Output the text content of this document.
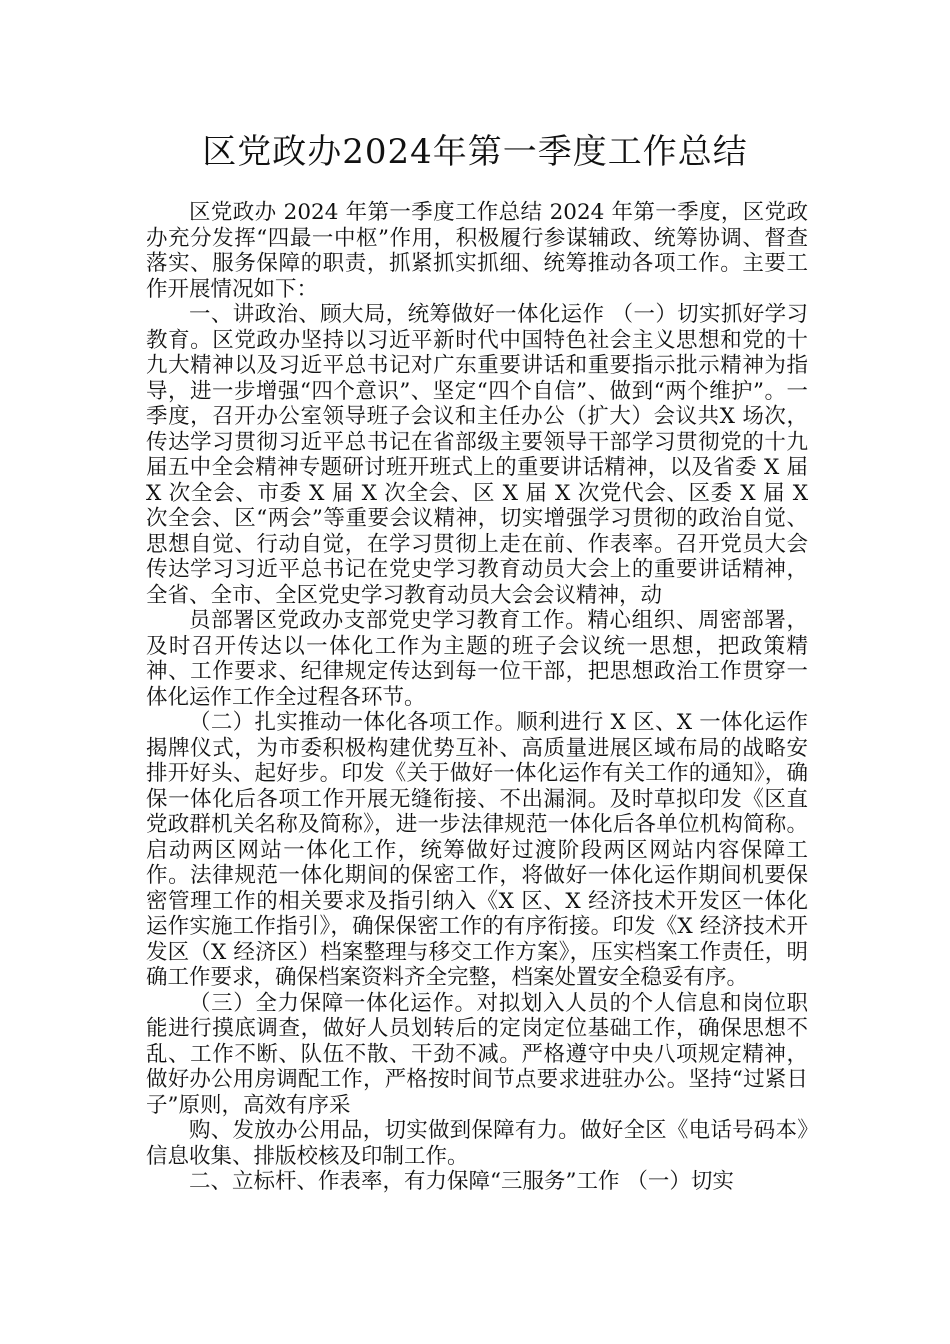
区党政办2024年第一季度工作总结

区党政办 2024 年第一季度工作总结 2024 年第一季度，区党政办充分发挥“四最一中枢”作用，积极履行参谋辅政、统筹协调、督查落实、服务保障的职责，抓紧抓实抓细、统筹推动各项工作。主要工作开展情况如下：

一、讲政治、顾大局，统筹做好一体化运作 （一）切实抓好学习教育。区党政办坚持以习近平新时代中国特色社会主义思想和党的十九大精神以及习近平总书记对广东重要讲话和重要指示批示精神为指导，进一步增强“四个意识”、坚定“四个自信”、做到“两个维护”。一季度，召开办公室领导班子会议和主任办公（扩大）会议共X 场次，传达学习贯彻习近平总书记在省部级主要领导干部学习贯彻党的十九届五中全会精神专题研讨班开班式上的重要讲话精神，以及省委 X 届 X 次全会、市委 X 届 X 次全会、区 X 届 X 次党代会、区委 X 届 X 次全会、区“两会”等重要会议精神，切实增强学习贯彻的政治自觉、思想自觉、行动自觉，在学习贯彻上走在前、作表率。召开党员大会传达学习习近平总书记在党史学习教育动员大会上的重要讲话精神，全省、全市、全区党史学习教育动员大会会议精神，动

员部署区党政办支部党史学习教育工作。精心组织、周密部署，及时召开传达以一体化工作为主题的班子会议统一思想，把政策精神、工作要求、纪律规定传达到每一位干部，把思想政治工作贯穿一体化运作工作全过程各环节。

（二）扎实推动一体化各项工作。顺利进行 X 区、X 一体化运作揭牌仪式，为市委积极构建优势互补、高质量进展区域布局的战略安排开好头、起好步。印发《关于做好一体化运作有关工作的通知》，确保一体化后各项工作开展无缝衔接、不出漏洞。及时草拟印发《区直党政群机关名称及简称》，进一步法律规范一体化后各单位机构简称。启动两区网站一体化工作，统筹做好过渡阶段两区网站内容保障工作。法律规范一体化期间的保密工作，将做好一体化运作期间机要保密管理工作的相关要求及指引纳入《X 区、X 经济技术开发区一体化运作实施工作指引》，确保保密工作的有序衔接。印发《X 经济技术开发区（X 经济区）档案整理与移交工作方案》，压实档案工作责任，明确工作要求，确保档案资料齐全完整，档案处置安全稳妥有序。

（三）全力保障一体化运作。对拟划入人员的个人信息和岗位职能进行摸底调查，做好人员划转后的定岗定位基础工作，确保思想不乱、工作不断、队伍不散、干劲不减。严格遵守中央八项规定精神，做好办公用房调配工作，严格按时间节点要求进驻办公。坚持“过紧日子”原则，高效有序采

购、发放办公用品，切实做到保障有力。做好全区《电话号码本》信息收集、排版校核及印制工作。

二、立标杆、作表率，有力保障“三服务”工作 （一）切实
